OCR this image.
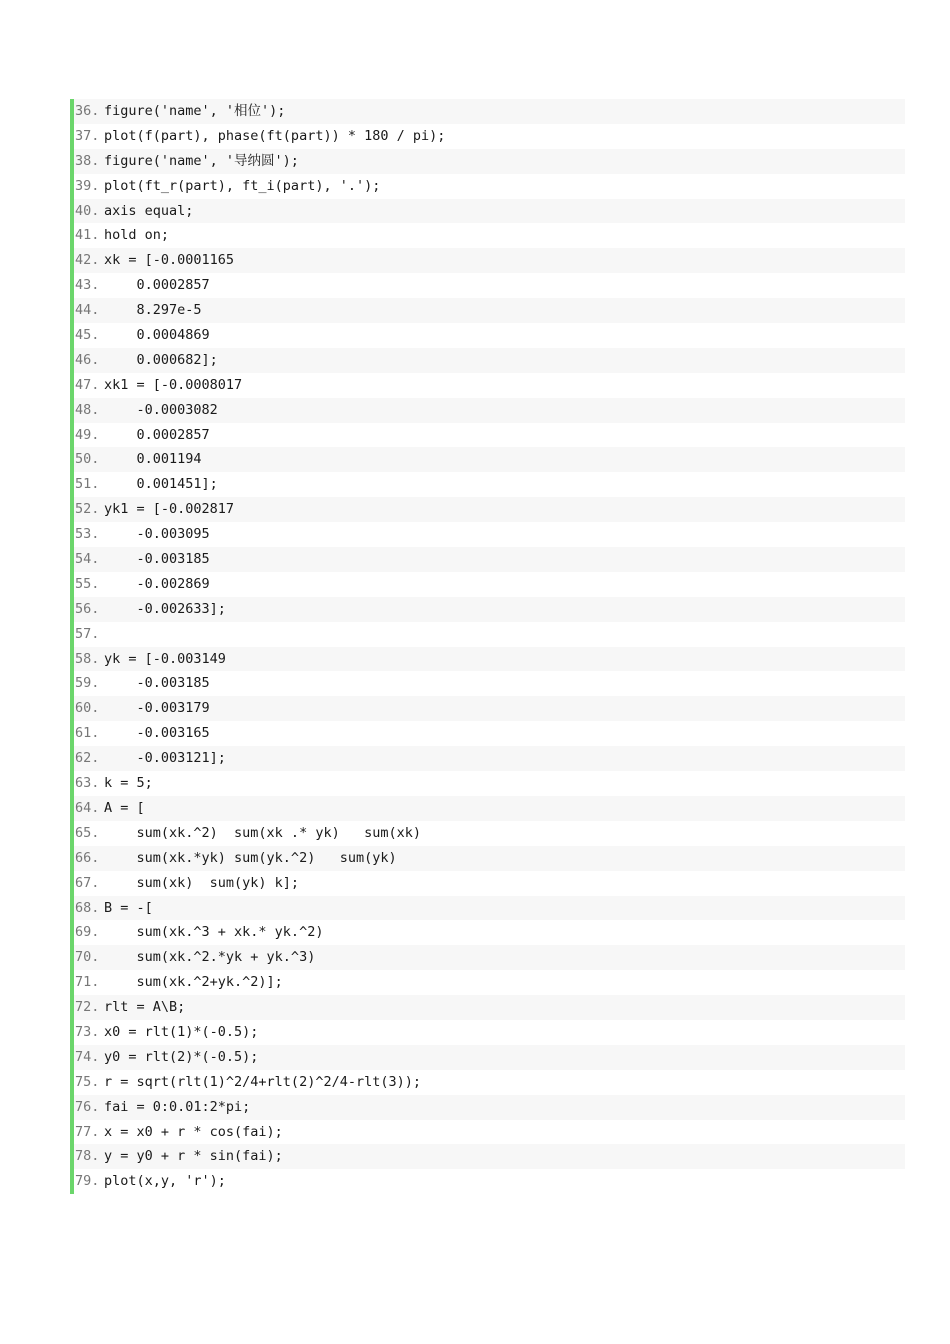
36. figure('name', '相位');
37. plot(f(part), phase(ft(part)) * 180 / pi);
38. figure('name', '导纳圆');
39. plot(ft_r(part), ft_i(part), '.');
40. axis equal;
41. hold on;
42. xk = [-0.0001165
43. 0.0002857
44. 8.297e-5
45. 0.0004869
46. 0.000682];
47. xk1 = [-0.0008017
48. -0.0003082
49. 0.0002857
50. 0.001194
51. 0.001451];
52. yk1 = [-0.002817
53. -0.003095
54. -0.003185
55. -0.002869
56. -0.002633];
57.
58. yk = [-0.003149
59. -0.003185
60. -0.003179
61. -0.003165
62. -0.003121];
63. k = 5;
64. A = [
65. sum(xk.^2)  sum(xk .* yk)   sum(xk)
66. sum(xk.*yk) sum(yk.^2)   sum(yk)
67. sum(xk)  sum(yk) k];
68. B = -[
69. sum(xk.^3 + xk.* yk.^2)
70. sum(xk.^2.*yk + yk.^3)
71. sum(xk.^2+yk.^2)];
72. rlt = A\B;
73. x0 = rlt(1)*(-0.5);
74. y0 = rlt(2)*(-0.5);
75. r = sqrt(rlt(1)^2/4+rlt(2)^2/4-rlt(3));
76. fai = 0:0.01:2*pi;
77. x = x0 + r * cos(fai);
78. y = y0 + r * sin(fai);
79. plot(x,y, 'r');
